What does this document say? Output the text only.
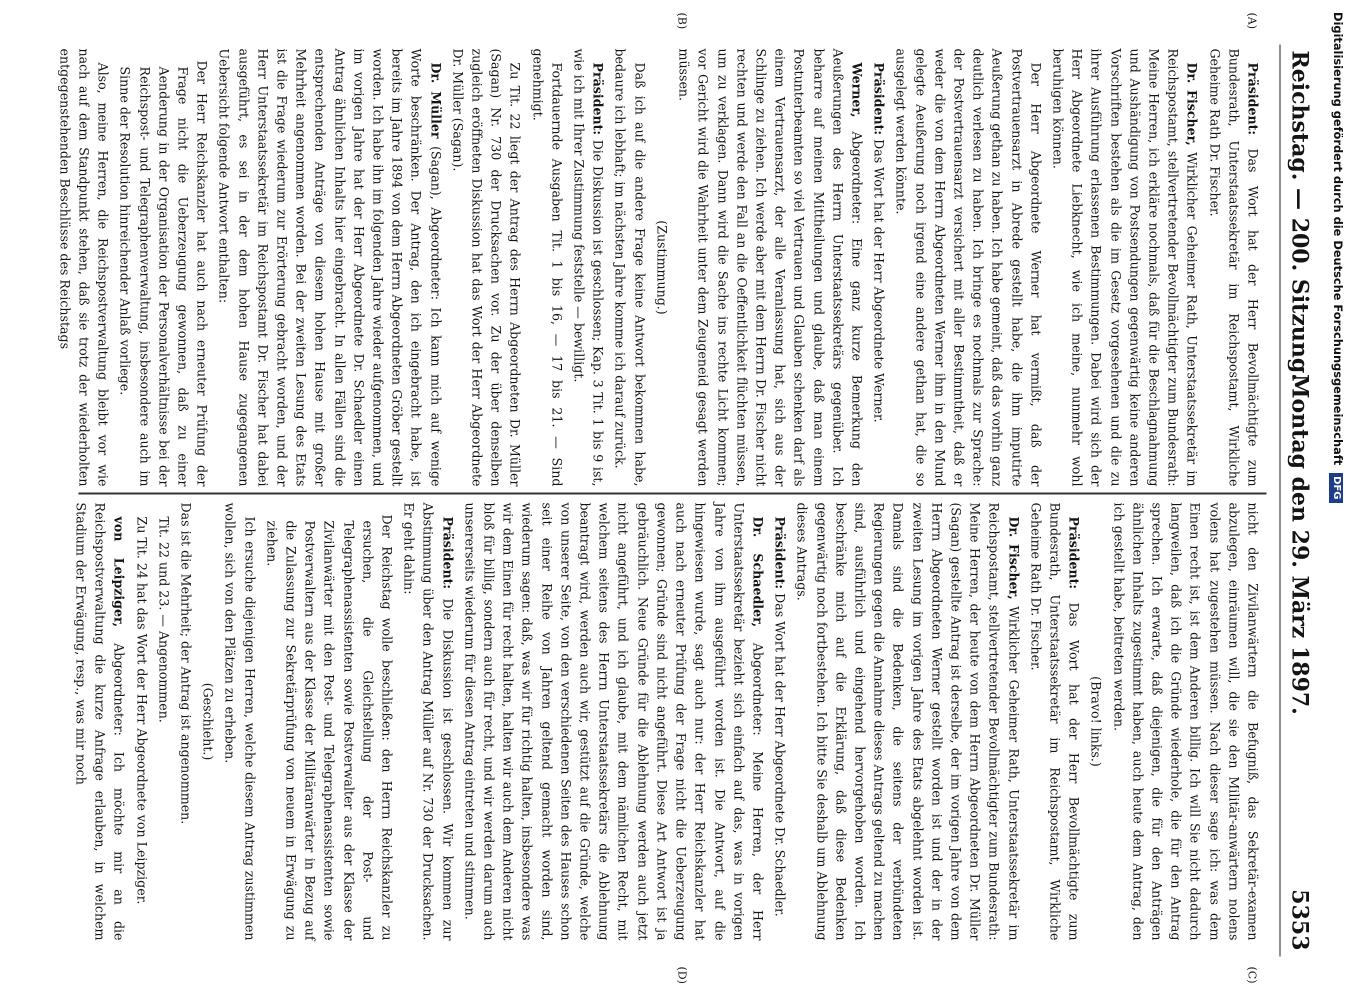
Reichstag. — 200. Sitzung.
Montag den 29. März 1897.
5353
(A)
(B)
(C)
(D)

Präsident: Das Wort hat der Herr Bevollmächtigte zum Bundesrath, Unterstaatssekretär im Reichspostamt, Wirkliche Geheime Rath Dr. Fischer.

Dr. Fischer, Wirklicher Geheimer Rath, Unterstaatssekretär im Reichspostamt, stellvertretender Bevollmächtigter zum Bundesrath: Meine Herren, ich erkläre nochmals, daß für die Beschlagnahmung und Aushändigung von Postsendungen gegenwärtig keine anderen Vorschriften bestehen als die im Gesetz vorgesehenen und die zu ihrer Ausführung erlassenen Bestimmungen. Dabei wird sich der Herr Abgeordnete Liebknecht, wie ich meine, nunmehr wohl beruhigen können.

Der Herr Abgeordnete Werner hat vermißt, daß der Postvertrauensarzt in Abrede gestellt habe, die ihm imputirte Aeußerung gethan zu haben. Ich habe gemeint, daß das vorhin ganz deutlich verlesen zu haben. Ich bringe es nochmals zur Sprache: der Postvertrauensarzt versichert mit aller Bestimmtheit, daß er weder die von dem Herrn Abgeordneten Werner ihm in den Mund gelegte Aeußerung noch irgend eine andere gethan hat, die so ausgelegt werden könnte.

Präsident: Das Wort hat der Herr Abgeordnete Werner.

Werner, Abgeordneter: Eine ganz kurze Bemerkung den Aeußerungen des Herrn Unterstaatssekretärs gegenüber. Ich beharre auf meinen Mittheilungen und glaube, daß man einem Postunterbeamten so viel Vertrauen und Glauben schenken darf als einem Vertrauensarzt, der alle Veranlassung hat, sich aus der Schlinge zu ziehen. Ich werde aber mit dem Herrn Dr. Fischer nicht rechten und werde den Fall an die Oeffentlichkeit flüchten müssen, um zu verklagen. Dann wird die Sache ins rechte Licht kommen; vor Gericht wird die Wahrheit unter dem Zeugeneid gesagt werden müssen.

(Zustimmung.)

Daß ich auf die andere Frage keine Antwort bekommen habe, bedaure ich lebhaft; im nächsten Jahre komme ich darauf zurück.

Präsident: Die Diskussion ist geschlossen; Kap. 3 Tit. 1 bis 9 ist, wie ich mit Ihrer Zustimmung feststelle — bewilligt.

Fortdauernde Ausgaben Tit. 1 bis 16, — 17 bis 21. — Sind genehmigt.

Zu Tit. 22 liegt der Antrag des Herrn Abgeordneten Dr. Müller (Sagan) Nr. 730 der Drucksachen vor. Zu der über denselben zugleich eröffneten Diskussion hat das Wort der Herr Abgeordnete Dr. Müller (Sagan).

Dr. Müller (Sagan), Abgeordneter: Ich kann mich auf wenige Worte beschränken. Der Antrag, den ich eingebracht habe, ist bereits im Jahre 1894 von dem Herrn Abgeordneten Gröber gestellt worden. Ich habe ihn im folgenden Jahre wieder aufgenommen, und im vorigen Jahre hat der Herr Abgeordnete Dr. Schaedler einen Antrag ähnlichen Inhalts hier eingebracht. In allen Fällen sind die entsprechenden Anträge von diesem hohen Hause mit großer Mehrheit angenommen worden. Bei der zweiten Lesung des Etats ist die Frage wiederum zur Erörterung gebracht worden, und der Herr Unterstaatssekretär im Reichspostamt Dr. Fischer hat dabei ausgeführt, es sei in der dem hohen Hause zugegangenen Uebersicht folgende Antwort enthalten:

Der Herr Reichskanzler hat auch nach erneuter Prüfung der Frage nicht die Ueberzeugung gewonnen, daß zu einer Aenderung in der Organisation der Personalverhältnisse bei der Reichspost- und Telegraphenverwaltung, insbesondere auch im Sinne der Resolution hinreichender Anlaß vorliege.

Also, meine Herren, die Reichspostverwaltung bleibt vor wie nach auf dem Standpunkt stehen, daß sie trotz der wiederholten entgegenstehenden Beschlüsse des Reichstags

nicht den Zivilanwärtern die Befugniß, das Sekretär-examen abzulegen, einräumen will, die sie den Militär-anwärtern nolens volens hat zugestehen müssen. Nach dieser sage ich: was dem Einen recht ist, ist dem Anderen billig. Ich will Sie nicht dadurch langweilen, daß ich die Gründe wiederhole, die für den Antrag sprechen. Ich erwarte, daß diejenigen, die für den Anträgen ähnlichen Inhalts zugestimmt haben, auch heute dem Antrag, den ich gestellt habe, beitreten werden.

(Bravo! links.)

Präsident: Das Wort hat der Herr Bevollmächtigte zum Bundesrath, Unterstaatssekretär im Reichspostamt, Wirkliche Geheime Rath Dr. Fischer.

Dr. Fischer, Wirklicher Geheimer Rath, Unterstaatssekretär im Reichspostamt, stellvertretender Bevollmächtigter zum Bundesrath: Meine Herren, der heute von dem Herrn Abgeordneten Dr. Müller (Sagan) gestellte Antrag ist derselbe, der im vorigen Jahre von dem Herrn Abgeordneten Werner gestellt worden ist und der in der zweiten Lesung im vorigen Jahre des Etats abgelehnt worden ist. Damals sind die Bedenken, die seitens der verbündeten Regierungen gegen die Annahme dieses Antrags geltend zu machen sind, ausführlich und eingehend hervorgehoben worden. Ich beschränke mich auf die Erklärung, daß diese Bedenken gegenwärtig noch fortbestehen. Ich bitte Sie deshalb um Ablehnung dieses Antrags.

Präsident: Das Wort hat der Herr Abgeordnete Dr. Schaedler.

Dr. Schaedler, Abgeordneter: Meine Herren, der Herr Unterstaatssekretär bezieht sich einfach auf das, was in vorigen Jahre von ihm ausgeführt worden ist. Die Antwort, auf die hingewiesen wurde, sagt auch nur: der Herr Reichskanzler hat auch nach erneuter Prüfung der Frage nicht die Ueberzeugung gewonnen; Gründe sind nicht angeführt. Diese Art Antwort ist ja gebräuchlich. Neue Gründe für die Ablehnung werden auch jetzt nicht angeführt, und ich glaube, mit dem nämlichen Recht, mit welchem seitens des Herrn Unterstaatssekretärs die Ablehnung beantragt wird, werden auch wir, gestützt auf die Gründe, welche von unserer Seite, von den verschiedenen Seiten des Hauses schon seit einer Reihe von Jahren geltend gemacht worden sind, wiederum sagen: daß, was wir für richtig halten, insbesondere was wir dem Einen für recht halten, halten wir auch dem Anderen nicht bloß für billig, sondern auch für recht, und wir werden darum auch unsererseits wiederum für diesen Antrag eintreten und stimmen.

Präsident: Die Diskussion ist geschlossen. Wir kommen zur Abstimmung über den Antrag Müller auf Nr. 730 der Drucksachen. Er geht dahin:

Der Reichstag wolle beschließen: den Herrn Reichskanzler zu ersuchen, die Gleichstellung der Post- und Telegraphenassistenten sowie Postverwalter aus der Klasse der Zivilanwärter mit den Post- und Telegraphenassistenten sowie Postverwaltern aus der Klasse der Militäranwärter in Bezug auf die Zulassung zur Sekretärprüfung von neuem in Erwägung zu ziehen.

Ich ersuche diejenigen Herren, welche diesem Antrag zustimmen wollen, sich von den Plätzen zu erheben.

(Geschieht.)

Das ist die Mehrheit; der Antrag ist angenommen.

Tit. 22 und 23. — Angenommen.

Zu Tit. 24 hat das Wort der Herr Abgeordnete von Leipziger.

von Leipziger, Abgeordneter: Ich möchte mir an die Reichspostverwaltung die kurze Anfrage erlauben, in welchem Stadium der Erwägung, resp., was mir noch

Digitalisierung gefördert durch die Deutsche Forschungsgemeinschaft DFG
